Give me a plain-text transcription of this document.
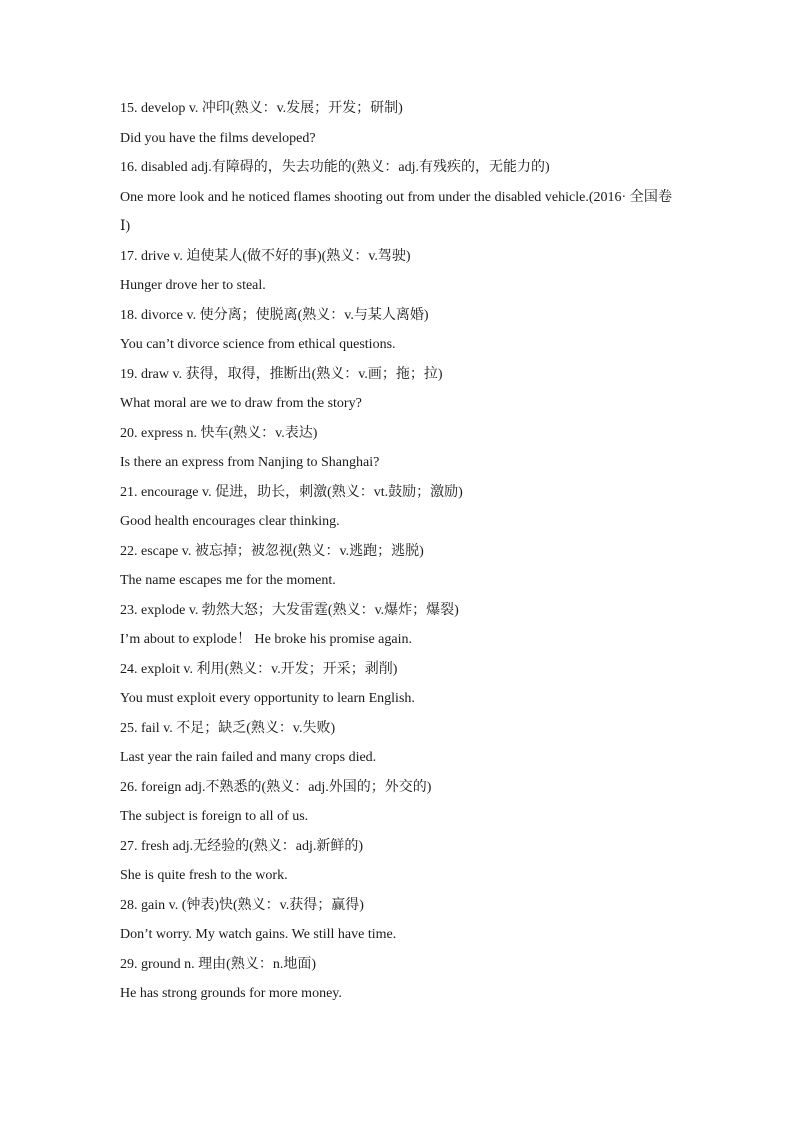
15. develop v. 冲印(熟义：v.发展；开发；研制)

Did you have the films developed?

16. disabled adj.有障碍的，失去功能的(熟义：adj.有残疾的，无能力的)

One more look and he noticed flames shooting out from under the disabled vehicle.(2016· 全国卷Ⅰ)

17. drive v. 迫使某人(做不好的事)(熟义：v.驾驶)

Hunger drove her to steal.

18. divorce v. 使分离；使脱离(熟义：v.与某人离婚)

You can’t divorce science from ethical questions.

19. draw v. 获得，取得，推断出(熟义：v.画；拖；拉)

What moral are we to draw from the story?

20. express n. 快车(熟义：v.表达)

Is there an express from Nanjing to Shanghai?

21. encourage v. 促进，助长，刺激(熟义：vt.鼓励；激励)

Good health encourages clear thinking.

22. escape v. 被忘掉；被忽视(熟义：v.逃跑；逃脱)

The name escapes me for the moment.

23. explode v. 勃然大怒；大发雷霆(熟义：v.爆炸；爆裂)

I’m about to explode！ He broke his promise again.

24. exploit v. 利用(熟义：v.开发；开采；剥削)

You must exploit every opportunity to learn English.

25. fail v. 不足；缺乏(熟义：v.失败)

Last year the rain failed and many crops died.

26. foreign adj.不熟悉的(熟义：adj.外国的；外交的)

The subject is foreign to all of us.

27. fresh adj.无经验的(熟义：adj.新鲜的)

She is quite fresh to the work.

28. gain v. (钟表)快(熟义：v.获得；赢得)

Don’t worry. My watch gains. We still have time.

29. ground n. 理由(熟义：n.地面)

He has strong grounds for more money.
